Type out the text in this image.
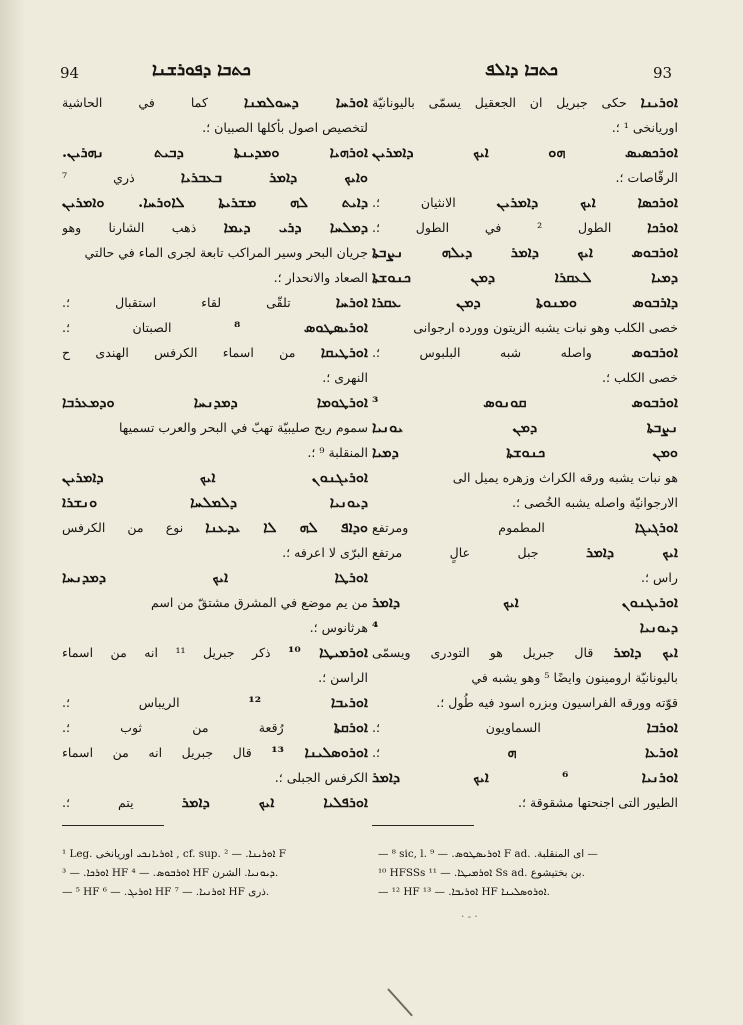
94	ܟܬܒܐ ܕܦܘܪܫܢܐ	ܟܬܒܐ ܕܐܠܦ	93
ܐܘܪܚܐ ܕܚܘܠܡܢܐ كما في الحاشية
لتخصيص اصول بأكلها الصبيان ؛.
ܐܘܪܗܝܐ ܘܡܕܝܢܬܐ ܕܒܝܬ ܢܗܪܝܢ.
ܘܐܝܟ ܕܐܡܪ ܒܥܒܪܝܐ ذري ⁷
ܕܐܝܬ ܠܗ ܡܫܪܝܬܐ ܠܐܘܪܚܐ. ܘܐܡܪܝܢ
ܕܡܠܚܐ ܕܪܝ ܕܝܡܐ ذهب الشارنا وهو
جريان البحر وسير المراكب تابعة لجرى الماء في حالتي
الصعاد والانحدار ؛.
ܐܘܪܚܐ تلقّى لقاء استقبال ؛.
ܐܘܪܝܣܛܘܣ ⁸ الصبتان ؛.
ܐܘܪܛܝܩܐ من اسماء الكرفس الهندى ح
النهرى ؛.
ܐܘܪܛܘܡܐ ܕܡܕܢܚܐ ܘܕܡܥܪܒܐ
سموم ريح صليبيّة تهبّ في البحر والعرب تسميها
المنقلبة ⁹ ؛.
ܐܘܪܝܓܢܘܢ ܐܝܟ ܕܐܡܪܝܢ
ܕܝܘܢܝܐ ܕܠܡܠܚܐ ܘܢܫܪܐ
ܘܕܐܦ ܠܗ ܠܐ ܝܕܥܢܐ نوع من الكرفس
البرّى لا اعرفه ؛.
ܐܘܪܛܐ ܐܝܟ ܕܡܕܢܚܐ
من يم موضع في المشرق مشتقّ من اسم
هرثانوس ؛.
ܐܘܪܡܝܛܐ ¹⁰ ذكر جبريل ¹¹ انه من اسماء
الراسن ؛.
ܐܘܪܝܒܐ ¹² الريباس ؛.
ܐܘܪܩܬܐ رُقعة من ثوب ؛.
ܐܘܪܘܣܠܝܢܐ ¹³ قال جبريل انه من اسماء
الكرفس الجبلى ؛.
ܐܘܪܦܠܝܐ ܐܝܟ ܕܐܡܪ يتم ؛.
ܐܘܪܝܢܐ حكى جبريل ان الجعقيل يسمّى باليونانيّة
اوريانخى ¹ ؛.
ܐܘܪܟܣܝܣ ܗܘ ܐܝܟ ܕܐܡܪܝܢ
الرقّاصات ؛.
ܐܘܪܟܣܐ ܐܝܟ ܕܐܡܪܝܢ الانثيان ؛.
ܐܘܪܟܐ الطول ² في الطول ؛.
ܐܘܪܒܘܣ ܐܝܟ ܕܐܡܪ ܕܝܠܗ ܢܨܒܬܐ
ܕܡܝܐ ܠܥܩܪܐ ܕܡܢ ܟܢܘܫܬܐ
ܕܐܪܒܘܣ ܘܡܢܘܬܐ ܕܡܢ ܥܩܪܐ
خصى الكلب وهو نبات يشبه الزيتون وورده ارجوانى
ܐܘܪܒܘܣ واصله شبه البلبوس ؛.
خصى الكلب ؛.
ܐܘܪܒܘܣ ܩܘܢܘܣ ³
ܢܨܒܬܐ ܕܡܢ ܝܘܢܝܐ
ܘܡܢ ܟܢܘܫܬܐ ܕܡܝܐ
هو نبات يشبه ورقه الكراث وزهره يميل الى
الارجوانيّة واصله يشبه الخُصى ؛.
ܐܘܪܓܝܓܐ المطموم ومرتفع
ܐܝܟ ܕܐܡܪ جبل عالٍ مرتفع
راس ؛.
ܐܘܪܝܓܢܘܢ ܐܝܟ ܕܐܡܪ
ܕܝܘܢܝܐ ⁴
ܐܝܟ ܕܐܡܪ قال جبريل هو التودرى ويسمّى
باليونانيّة ارومينون وايضًا ⁵ وهو يشبه في
قوّته وورقه الفراسيون وبزره اسود فيه طُول ؛.
ܐܘܪܒܐ السماويون ؛.
ܐܘܪܥܐ ܗ ؛.
ܐܘܪܢܝܐ ⁶ ܐܝܟ ܕܐܡܪ
الطيور التى اجنحتها مشقوقة ؛.
¹ Leg. ܐܘܪܝܐܢܟܝ اوريانخى , cf. sup. ܐܘܪܝܢܐ. — ² F
ܐܘܪܟܐ. — ³ HF ܐܘܪܒܘܣ. — ⁴ HF ܕܝܘܢܝܐ. الشرن.
— ⁵ HF ܐܘܪܝܓ. — ⁶ HF ܐܘܪܢܝܐ. — ⁷ HF ذرى.
— ⁸ sic, l. ܐܘܪܝܣܛܘܣ. — ⁹ F ad. .اى المنقلبة —
¹⁰ HFSSs ܐܘܪܡܝܛܐ. — ¹¹ Ss ad. بن بختيشوع.
— ¹² HF ܐܘܪܝܒܐ. — ¹³ HF ܐܘܪܘܣܠܝܢܐ.
·-·
